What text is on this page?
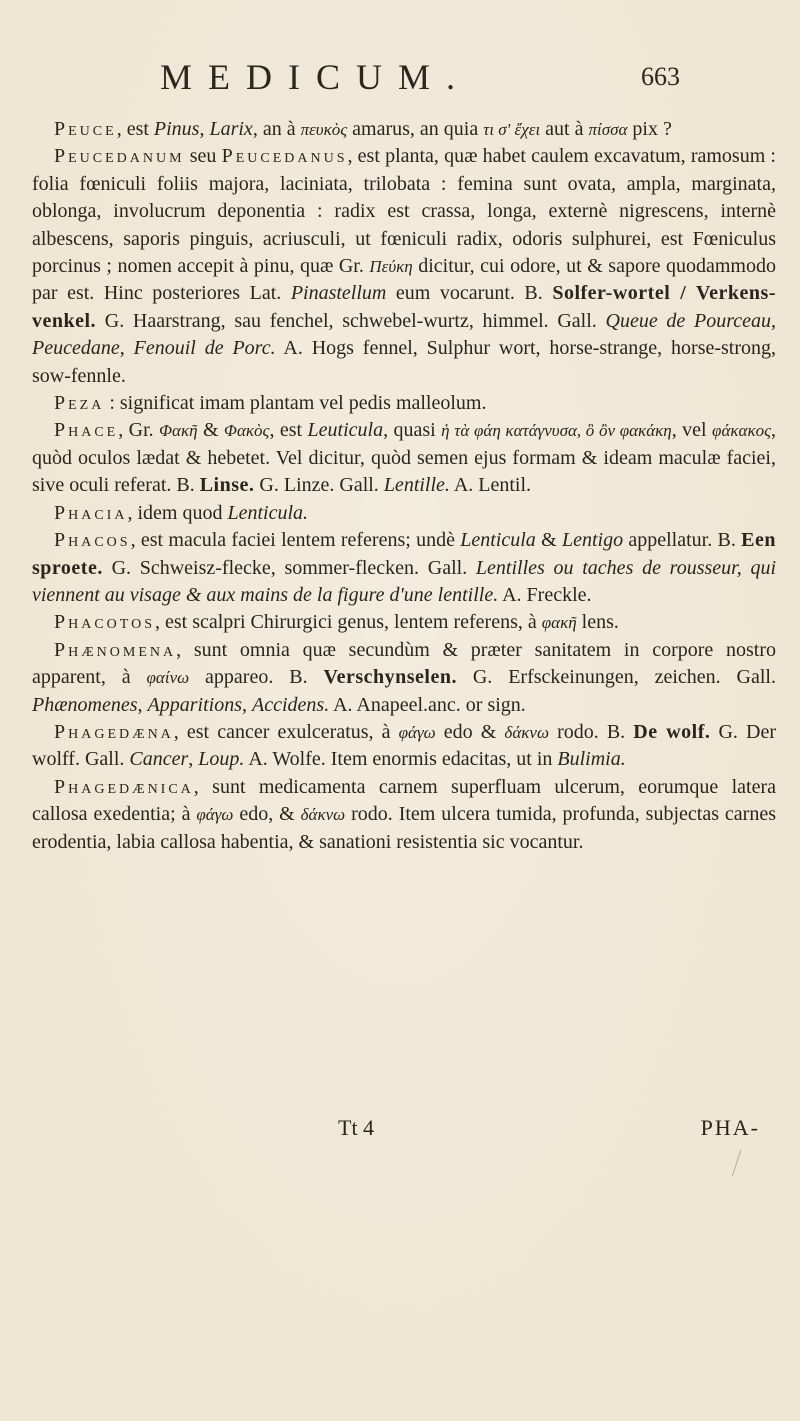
MEDICUM.	663

Peuce, est Pinus, Larix, an à πευκὸς amarus, an quia τι σ' ἔχει aut à πίσσα pix ?

Peucedanum seu Peucedanus, est planta, quæ habet caulem excavatum, ramosum : folia fœniculi foliis majora, laciniata, trilobata : femina sunt ovata, ampla, marginata, oblonga, involucrum deponentia : radix est crassa, longa, externè nigrescens, internè albescens, saporis pinguis, acriusculi, ut fœniculi radix, odoris sulphurei, est Fœniculus porcinus ; nomen accepit à pinu, quæ Gr. Πεύκη dicitur, cui odore, ut & sapore quodammodo par est. Hinc posteriores Lat. Pinastellum eum vocarunt. B. Solfer-wortel / Verkens-venkel. G. Haarstrang, sau fenchel, schwebel-wurtz, himmel. Gall. Queue de Pourceau, Peucedane, Fenouil de Porc. A. Hogs fennel, Sulphur wort, horse-strange, horse-strong, sow-fennle.

Peza : significat imam plantam vel pedis malleolum.

Phace, Gr. Φακῆ & Φακὸς, est Leuticula, quasi ἡ τὰ φάη κατάγνυσα, ὃ ὂν φακάκη, vel φάκακος, quòd oculos lædat & hebetet. Vel dicitur, quòd semen ejus formam & ideam maculæ faciei, sive oculi referat. B. Linse. G. Linze. Gall. Lentille. A. Lentil.

Phacia, idem quod Lenticula.

Phacos, est macula faciei lentem referens; undè Lenticula & Lentigo appellatur. B. Een sproete. G. Schweisz-flecke, sommer-flecken. Gall. Lentilles ou taches de rousseur, qui viennent au visage & aux mains de la figure d'une lentille. A. Freckle.

Phacotos, est scalpri Chirurgici genus, lentem referens, à φακῆ lens.

Phænomena, sunt omnia quæ secundùm & præter sanitatem in corpore nostro apparent, à φαίνω appareo. B. Verschynselen. G. Erfsckeinungen, zeichen. Gall. Phænomenes, Apparitions, Accidens. A. Anapeel.anc. or sign.

Phagedæna, est cancer exulceratus, à φάγω edo & δάκνω rodo. B. De wolf. G. Der wolff. Gall. Cancer, Loup. A. Wolfe. Item enormis edacitas, ut in Bulimia.

Phagedænica, sunt medicamenta carnem superfluam ulcerum, eorumque latera callosa exedentia; à φάγω edo, & δάκνω rodo. Item ulcera tumida, profunda, subjectas carnes erodentia, labia callosa habentia, & sanationi resistentia sic vocantur.

Tt 4	PHA-
